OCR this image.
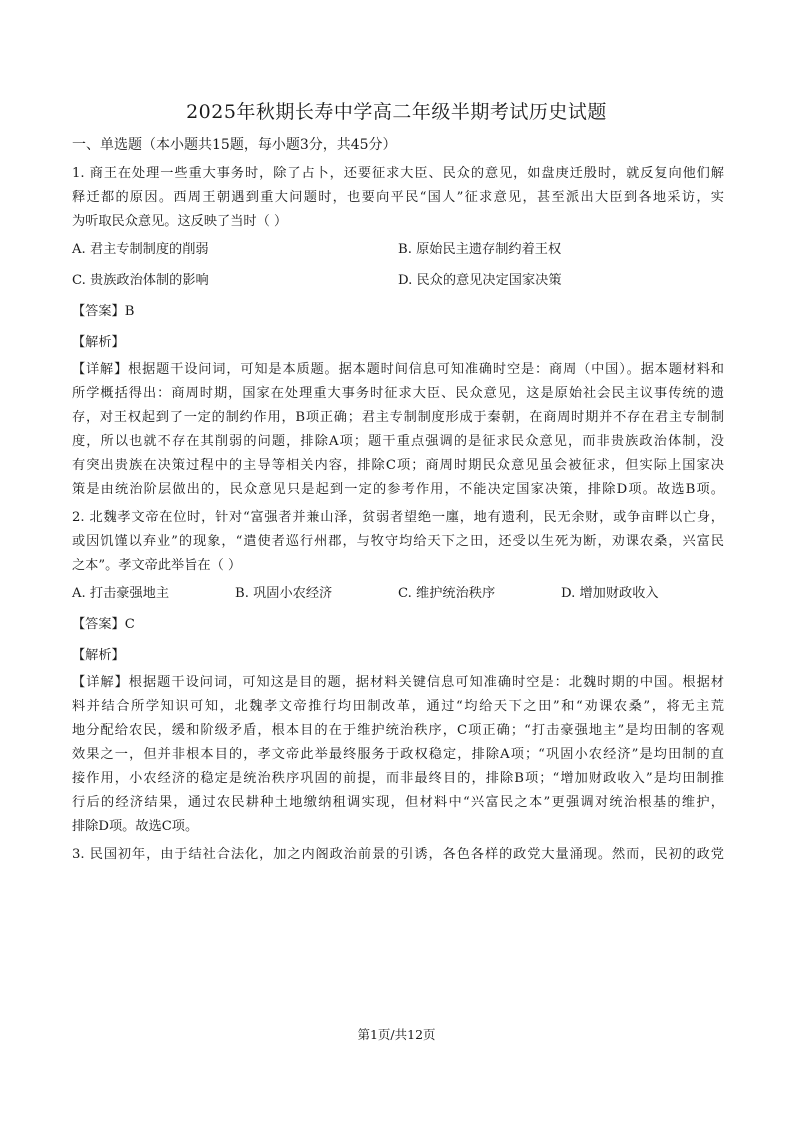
2025年秋期长寿中学高二年级半期考试历史试题
一、单选题（本小题共15题，每小题3分，共45分）
1. 商王在处理一些重大事务时，除了占卜，还要征求大臣、民众的意见，如盘庚迁殷时，就反复向他们解
释迁都的原因。西周王朝遇到重大问题时，也要向平民“国人”征求意见，甚至派出大臣到各地采访，实
为听取民众意见。这反映了当时（ ）
A. 君主专制制度的削弱	B. 原始民主遗存制约着王权
C. 贵族政治体制的影响	D. 民众的意见决定国家决策
【答案】B
【解析】
【详解】根据题干设问词，可知是本质题。据本题时间信息可知准确时空是：商周（中国）。据本题材料和
所学概括得出：商周时期，国家在处理重大事务时征求大臣、民众意见，这是原始社会民主议事传统的遗
存，对王权起到了一定的制约作用，B项正确；君主专制制度形成于秦朝，在商周时期并不存在君主专制制
度，所以也就不存在其削弱的问题，排除A项；题干重点强调的是征求民众意见，而非贵族政治体制，没
有突出贵族在决策过程中的主导等相关内容，排除C项；商周时期民众意见虽会被征求，但实际上国家决
策是由统治阶层做出的，民众意见只是起到一定的参考作用，不能决定国家决策，排除D项。故选B项。
2. 北魏孝文帝在位时，针对“富强者并兼山泽，贫弱者望绝一廛，地有遗利，民无余财，或争亩畔以亡身，
或因饥馑以弃业”的现象，“遣使者巡行州郡，与牧守均给天下之田，还受以生死为断，劝课农桑，兴富民
之本”。孝文帝此举旨在（ ）
A. 打击豪强地主	B. 巩固小农经济	C. 维护统治秩序	D. 增加财政收入
【答案】C
【解析】
【详解】根据题干设问词，可知这是目的题，据材料关键信息可知准确时空是：北魏时期的中国。根据材
料并结合所学知识可知，北魏孝文帝推行均田制改革，通过“均给天下之田”和“劝课农桑”，将无主荒
地分配给农民，缓和阶级矛盾，根本目的在于维护统治秩序，C项正确；“打击豪强地主”是均田制的客观
效果之一，但并非根本目的，孝文帝此举最终服务于政权稳定，排除A项；“巩固小农经济”是均田制的直
接作用，小农经济的稳定是统治秩序巩固的前提，而非最终目的，排除B项；“增加财政收入”是均田制推
行后的经济结果，通过农民耕种土地缴纳租调实现，但材料中“兴富民之本”更强调对统治根基的维护，
排除D项。故选C项。
3. 民国初年，由于结社合法化，加之内阁政治前景的引诱，各色各样的政党大量涌现。然而，民初的政党
第1页/共12页
